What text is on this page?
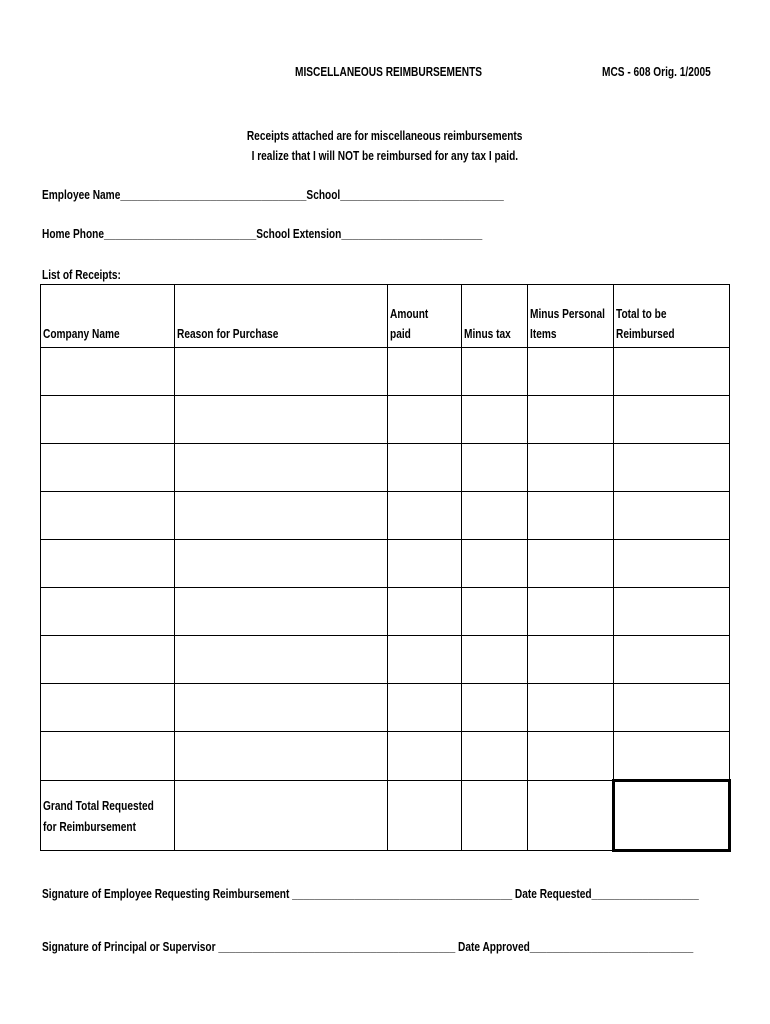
MISCELLANEOUS REIMBURSEMENTS	MCS - 608 Orig. 1/2005
Receipts attached are for miscellaneous reimbursements
I realize that I will NOT be reimbursed for any tax I paid.
Employee Name_________________________________School_____________________________
Home Phone___________________________School Extension_________________________
List of Receipts:
Company Name	Reason for Purchase	Amount paid	Minus tax	Minus Personal Items	Total to be Reimbursed

Grand Total Requested for Reimbursement					
Signature of Employee Requesting Reimbursement _______________________________________ Date Requested___________________
Signature of Principal or Supervisor __________________________________________ Date Approved_____________________________
